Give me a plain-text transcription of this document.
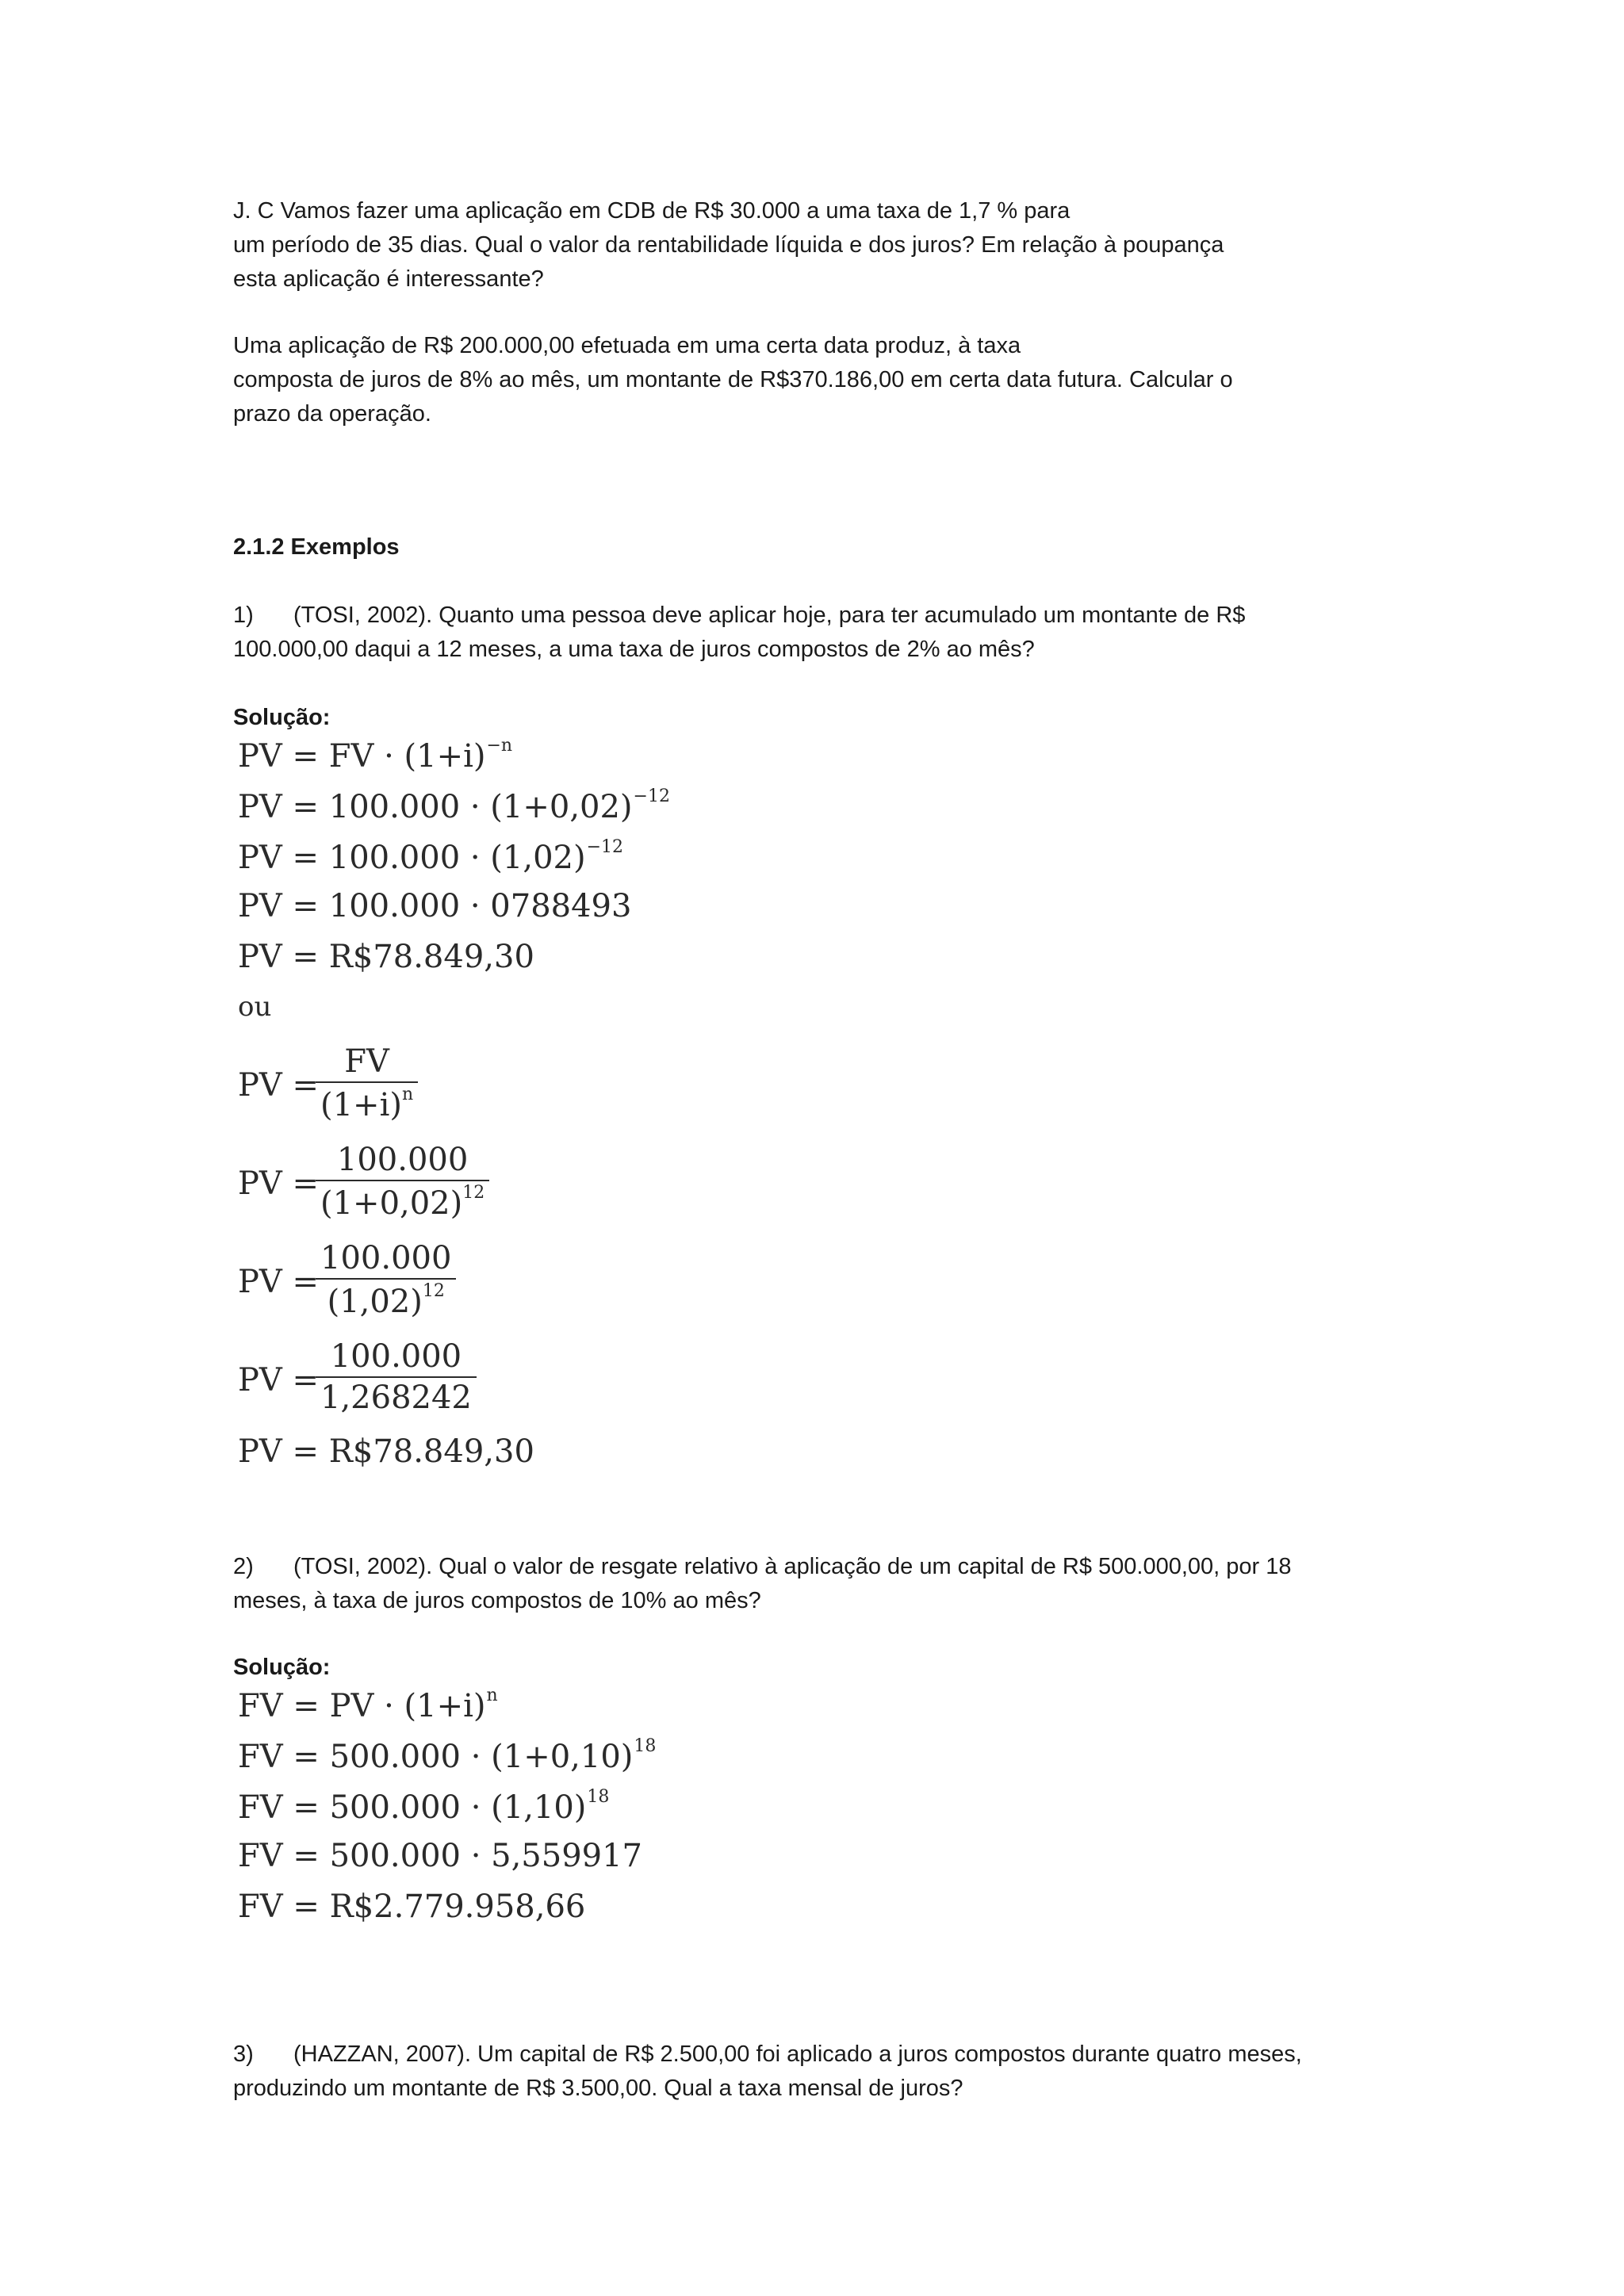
J. C Vamos fazer uma aplicação em CDB de R$ 30.000 a uma taxa de 1,7 % para

um período de 35 dias. Qual o valor da rentabilidade líquida e dos juros? Em relação à poupança

esta aplicação é interessante?

Uma aplicação de R$ 200.000,00 efetuada em uma certa data produz, à taxa

composta de juros de 8% ao mês, um montante de R$370.186,00 em certa data futura. Calcular o

prazo da operação.

2.1.2 Exemplos

1) (TOSI, 2002). Quanto uma pessoa deve aplicar hoje, para ter acumulado um montante de R$

100.000,00 daqui a 12 meses, a uma taxa de juros compostos de 2% ao mês?

Solução:
PV = FV · $(1+i)^{-n}$
PV = $100.000 \cdot (1+0,02)^{-12}$
PV = $100.000 \cdot (1,02)^{-12}$
PV = 100.000 · 0788493
PV = R$78.849,30
ou
PV =
FV
$(1+i)^n$
PV =
100.000
$(1+0,02)^{12}$
PV =
100.000
$(1,02)^{12}$
PV =
100.000
1,268242
PV = R$78.849,30

2) (TOSI, 2002). Qual o valor de resgate relativo à aplicação de um capital de R$ 500.000,00, por 18

meses, à taxa de juros compostos de 10% ao mês?

Solução:
FV = PV · $(1+i)^n$
FV = $500.000 \cdot (1+0,10)^{18}$
FV = $500.000 \cdot (1,10)^{18}$
FV = 500.000 · 5,559917
FV = R$2.779.958,66

3) (HAZZAN, 2007). Um capital de R$ 2.500,00 foi aplicado a juros compostos durante quatro meses,

produzindo um montante de R$ 3.500,00. Qual a taxa mensal de juros?
